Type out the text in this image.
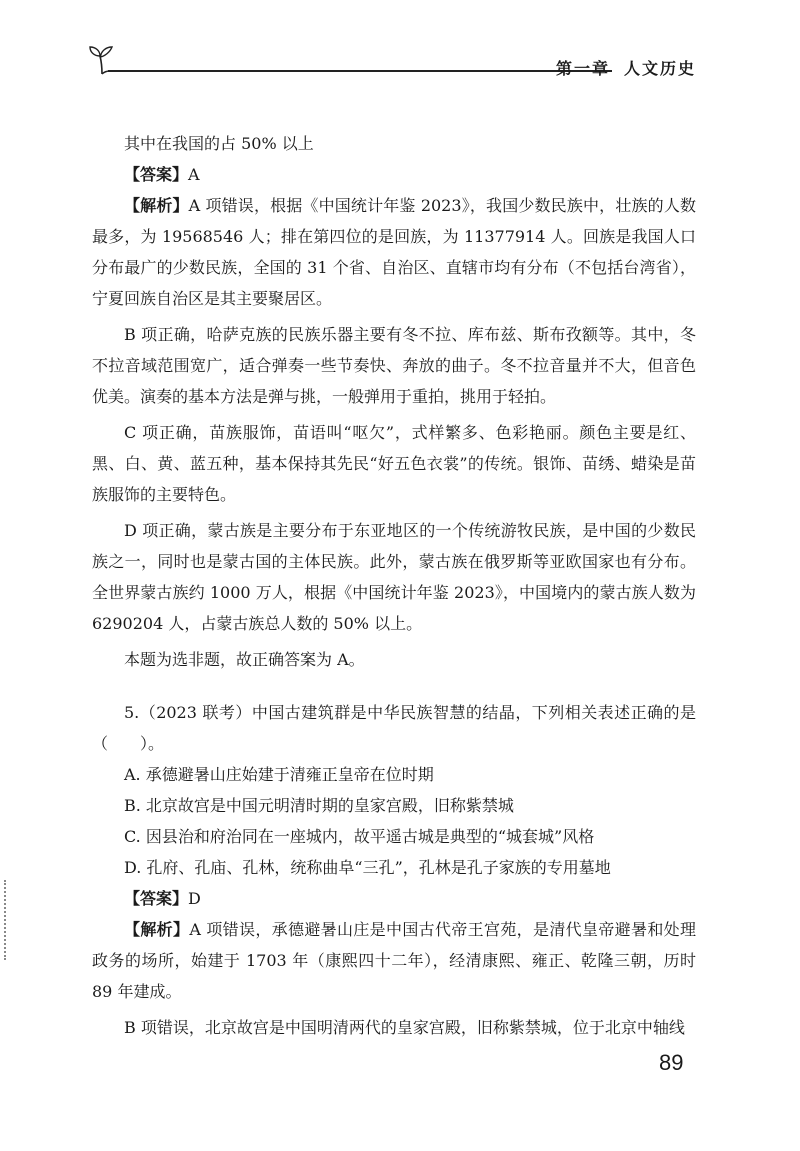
第一章 人文历史

其中在我国的占 50% 以上

【答案】A

【解析】A 项错误，根据《中国统计年鉴 2023》，我国少数民族中，壮族的人数最多，为 19568546 人；排在第四位的是回族，为 11377914 人。回族是我国人口分布最广的少数民族，全国的 31 个省、自治区、直辖市均有分布（不包括台湾省），宁夏回族自治区是其主要聚居区。

B 项正确，哈萨克族的民族乐器主要有冬不拉、库布兹、斯布孜额等。其中，冬不拉音域范围宽广，适合弹奏一些节奏快、奔放的曲子。冬不拉音量并不大，但音色优美。演奏的基本方法是弹与挑，一般弹用于重拍，挑用于轻拍。

C 项正确，苗族服饰，苗语叫“呕欠”，式样繁多、色彩艳丽。颜色主要是红、黑、白、黄、蓝五种，基本保持其先民“好五色衣裳”的传统。银饰、苗绣、蜡染是苗族服饰的主要特色。

D 项正确，蒙古族是主要分布于东亚地区的一个传统游牧民族，是中国的少数民族之一，同时也是蒙古国的主体民族。此外，蒙古族在俄罗斯等亚欧国家也有分布。全世界蒙古族约 1000 万人，根据《中国统计年鉴 2023》，中国境内的蒙古族人数为 6290204 人，占蒙古族总人数的 50% 以上。

本题为选非题，故正确答案为 A。

5.（2023 联考）中国古建筑群是中华民族智慧的结晶，下列相关表述正确的是（　　）。

A. 承德避暑山庄始建于清雍正皇帝在位时期

B. 北京故宫是中国元明清时期的皇家宫殿，旧称紫禁城

C. 因县治和府治同在一座城内，故平遥古城是典型的“城套城”风格

D. 孔府、孔庙、孔林，统称曲阜“三孔”，孔林是孔子家族的专用墓地

【答案】D

【解析】A 项错误，承德避暑山庄是中国古代帝王宫苑，是清代皇帝避暑和处理政务的场所，始建于 1703 年（康熙四十二年），经清康熙、雍正、乾隆三朝，历时 89 年建成。

B 项错误，北京故宫是中国明清两代的皇家宫殿，旧称紫禁城，位于北京中轴线

89
